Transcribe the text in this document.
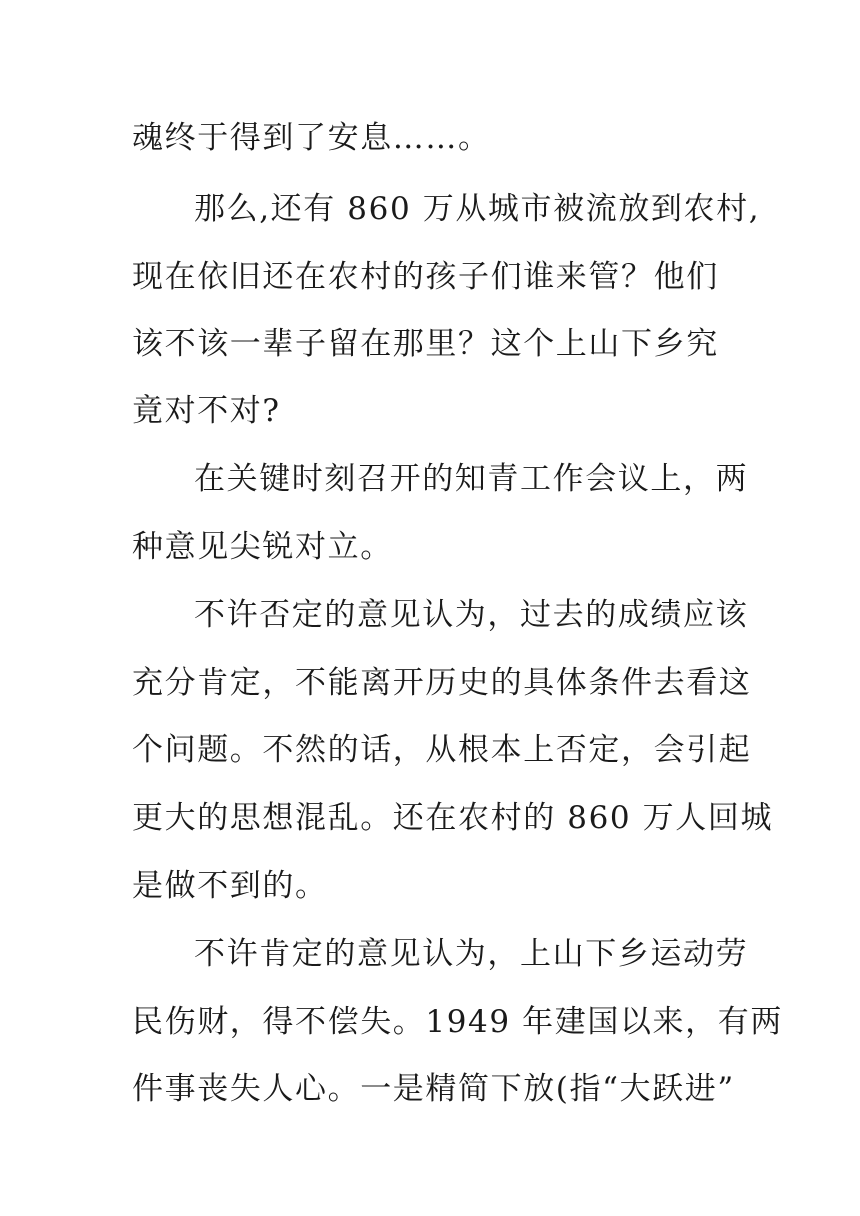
魂终于得到了安息……。
那么,还有 860 万从城市被流放到农村,
现在依旧还在农村的孩子们谁来管？他们
该不该一辈子留在那里？这个上山下乡究
竟对不对?
在关键时刻召开的知青工作会议上，两
种意见尖锐对立。
不许否定的意见认为，过去的成绩应该
充分肯定，不能离开历史的具体条件去看这
个问题。不然的话，从根本上否定，会引起
更大的思想混乱。还在农村的 860 万人回城
是做不到的。
不许肯定的意见认为，上山下乡运动劳
民伤财，得不偿失。1949 年建国以来，有两
件事丧失人心。一是精简下放(指“大跃进”
